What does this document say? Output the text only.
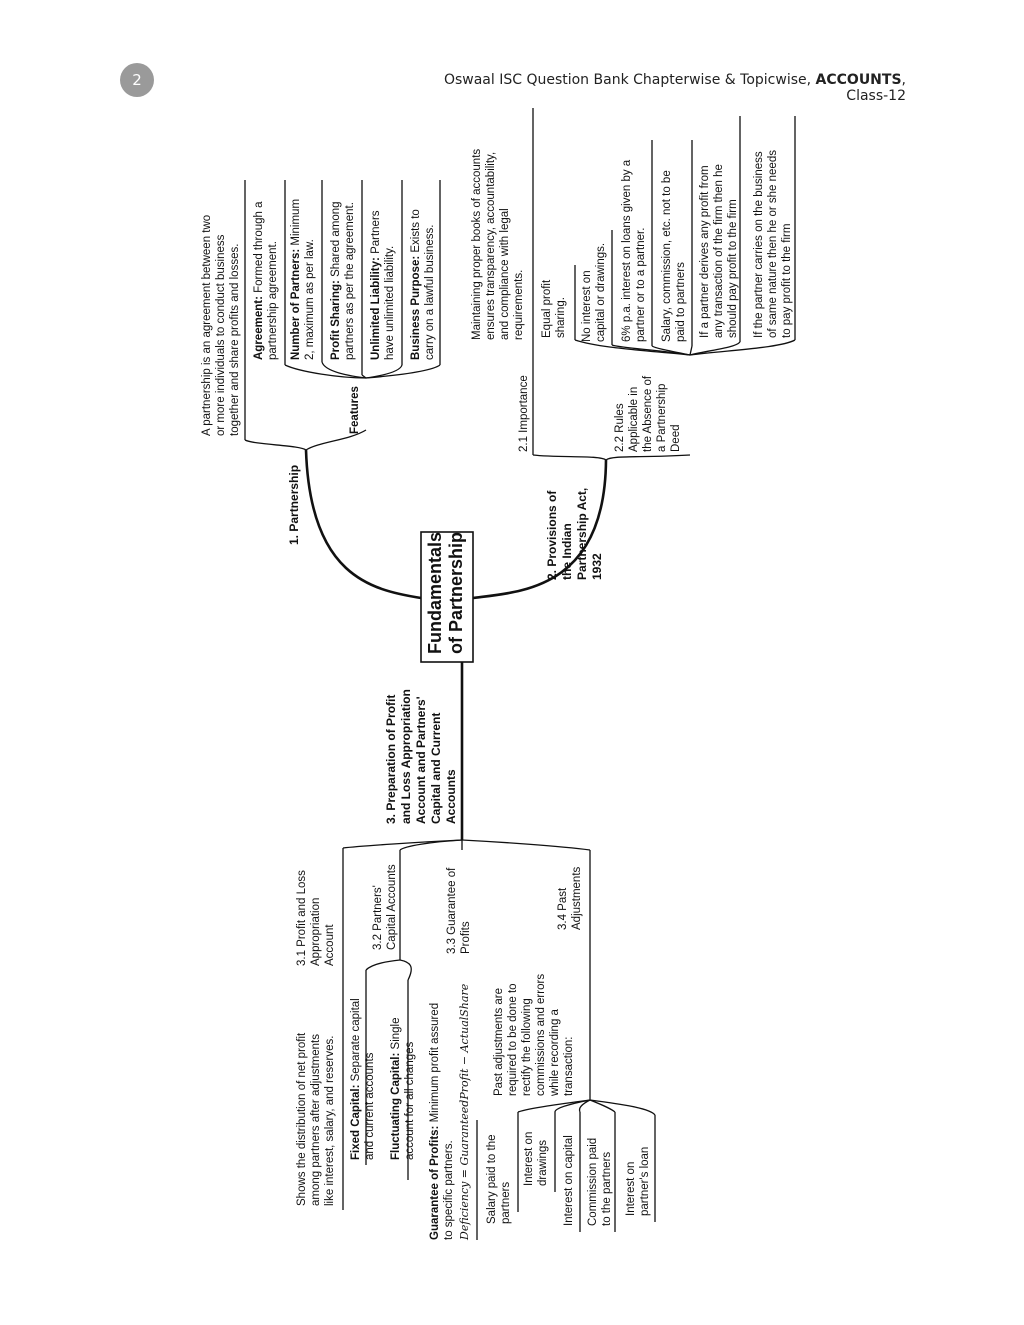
2	Oswaal ISC Question Bank Chapterwise & Topicwise, ACCOUNTS, Class-12
Fundamentals of Partnership
1. Partnership
A partnership is an agreement between two or more individuals to conduct business together and share profits and losses.	Features
Agreement: Formed through a partnership agreement. Number of Partners: Minimum
2, maximum as per law. Profit Sharing: Shared among partners as per the agreement. Unlimited Liability: Partners
have unlimited liability. Business Purpose: Exists to carry on a lawful business.
2. Provisions of the Indian Partnership Act, 1932
2.1 Importance
Maintaining proper books of accounts ensures transparency, accountability, and compliance with legal requirements.
2.2 Rules Applicable in the Absence of a Partnership Deed
Equal profit sharing. No interest on capital or drawings. 6% p.a. interest on loans given by a partner or to a partner. Salary, commission, etc. not to be paid to partners If a partner derives any profit from any transaction of the firm then he should pay profit to the firm If the partner carries on the business of same nature then he or she needs to pay profit to the firm
3. Preparation of Profit and Loss Appropriation Account and Partners' Capital and Current Accounts
3.1 Profit and Loss Appropriation Account
Shows the distribution of net profit among partners after adjustments like interest, salary, and reserves.
3.2 Partners' Capital Accounts
Fixed Capital: Separate capital
and current accounts Fluctuating Capital: Single
account for all changes
3.3 Guarantee of Profits
Guarantee of Profits: Minimum profit assured
to specific partners. Deficiency = GuaranteedProfit − ActualShare
3.4 Past Adjustments
Past adjustments are required to be done to rectify the following commissions and errors while recording a transaction:
Salary paid to the partners
Interest on drawings Interest on capital Commission paid to the partners Interest on partner's loan
